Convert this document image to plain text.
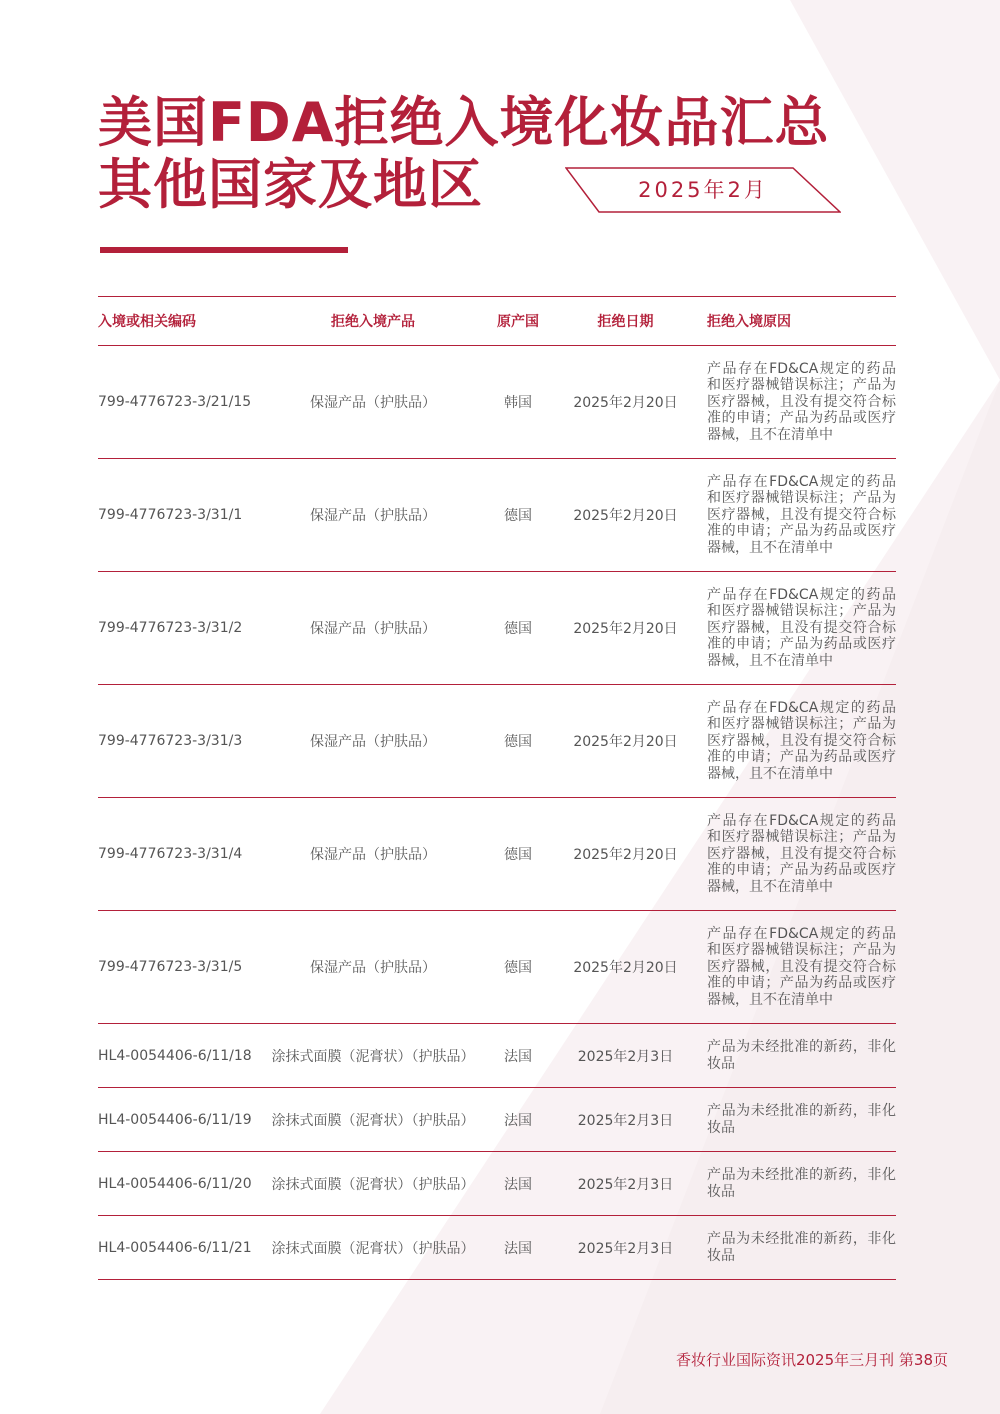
美国FDA拒绝入境化妆品汇总
其他国家及地区	2025年2月
入境或相关编码	拒绝入境产品	原产国	拒绝日期	拒绝入境原因
799-4776723-3/21/15	保湿产品（护肤品）	韩国	2025年2月20日	产品存在FD&CA规定的药品和医疗器械错误标注；产品为医疗器械，且没有提交符合标准的申请；产品为药品或医疗器械，且不在清单中
799-4776723-3/31/1	保湿产品（护肤品）	德国	2025年2月20日	产品存在FD&CA规定的药品和医疗器械错误标注；产品为医疗器械，且没有提交符合标准的申请；产品为药品或医疗器械，且不在清单中
799-4776723-3/31/2	保湿产品（护肤品）	德国	2025年2月20日	产品存在FD&CA规定的药品和医疗器械错误标注；产品为医疗器械，且没有提交符合标准的申请；产品为药品或医疗器械，且不在清单中
799-4776723-3/31/3	保湿产品（护肤品）	德国	2025年2月20日	产品存在FD&CA规定的药品和医疗器械错误标注；产品为医疗器械，且没有提交符合标准的申请；产品为药品或医疗器械，且不在清单中
799-4776723-3/31/4	保湿产品（护肤品）	德国	2025年2月20日	产品存在FD&CA规定的药品和医疗器械错误标注；产品为医疗器械，且没有提交符合标准的申请；产品为药品或医疗器械，且不在清单中
799-4776723-3/31/5	保湿产品（护肤品）	德国	2025年2月20日	产品存在FD&CA规定的药品和医疗器械错误标注；产品为医疗器械，且没有提交符合标准的申请；产品为药品或医疗器械，且不在清单中
HL4-0054406-6/11/18	涂抹式面膜（泥膏状）（护肤品）	法国	2025年2月3日	产品为未经批准的新药，非化妆品
HL4-0054406-6/11/19	涂抹式面膜（泥膏状）（护肤品）	法国	2025年2月3日	产品为未经批准的新药，非化妆品
HL4-0054406-6/11/20	涂抹式面膜（泥膏状）（护肤品）	法国	2025年2月3日	产品为未经批准的新药，非化妆品
HL4-0054406-6/11/21	涂抹式面膜（泥膏状）（护肤品）	法国	2025年2月3日	产品为未经批准的新药，非化妆品
香妆行业国际资讯2025年三月刊 第38页
